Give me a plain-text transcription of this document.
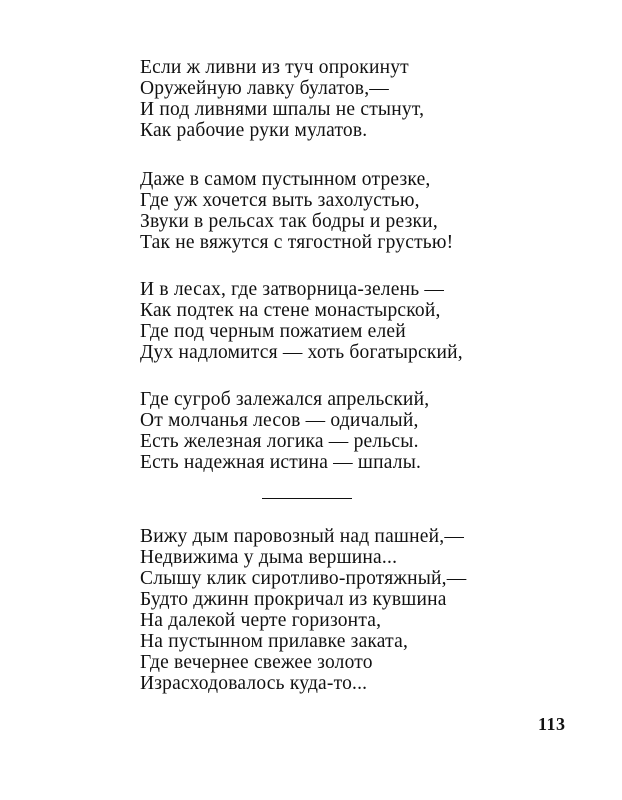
Если ж ливни из туч опрокинут
Оружейную лавку булатов,—
И под ливнями шпалы не стынут,
Как рабочие руки мулатов.
Даже в самом пустынном отрезке,
Где уж хочется выть захолустью,
Звуки в рельсах так бодры и резки,
Так не вяжутся с тягостной грустью!
И в лесах, где затворница-зелень —
Как подтек на стене монастырской,
Где под черным пожатием елей
Дух надломится — хоть богатырский,
Где сугроб залежался апрельский,
От молчанья лесов — одичалый,
Есть железная логика — рельсы.
Есть надежная истина — шпалы.
Вижу дым паровозный над пашней,—
Недвижима у дыма вершина...
Слышу клик сиротливо-протяжный,—
Будто джинн прокричал из кувшина
На далекой черте горизонта,
На пустынном прилавке заката,
Где вечернее свежее золото
Израсходовалось куда-то...
113
